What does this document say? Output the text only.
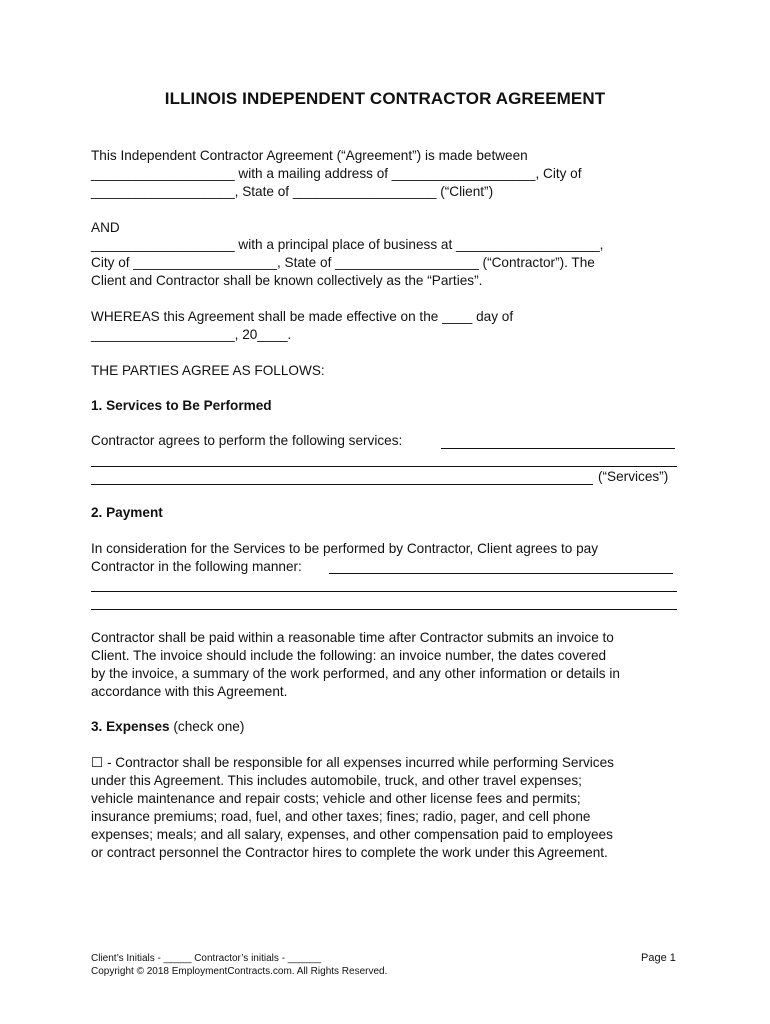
ILLINOIS INDEPENDENT CONTRACTOR AGREEMENT
This Independent Contractor Agreement (“Agreement”) is made between
___________________ with a mailing address of ___________________, City of
___________________, State of ___________________ (“Client”)
AND
___________________ with a principal place of business at ___________________,
City of ___________________, State of ___________________ (“Contractor”). The
Client and Contractor shall be known collectively as the “Parties”.
WHEREAS this Agreement shall be made effective on the ____ day of
___________________, 20____.
THE PARTIES AGREE AS FOLLOWS:
1. Services to Be Performed
Contractor agrees to perform the following services:
(“Services”)
2. Payment
In consideration for the Services to be performed by Contractor, Client agrees to pay
Contractor in the following manner:
Contractor shall be paid within a reasonable time after Contractor submits an invoice to
Client. The invoice should include the following: an invoice number, the dates covered
by the invoice, a summary of the work performed, and any other information or details in
accordance with this Agreement.
3. Expenses (check one)
☐ - Contractor shall be responsible for all expenses incurred while performing Services
under this Agreement. This includes automobile, truck, and other travel expenses;
vehicle maintenance and repair costs; vehicle and other license fees and permits;
insurance premiums; road, fuel, and other taxes; fines; radio, pager, and cell phone
expenses; meals; and all salary, expenses, and other compensation paid to employees
or contract personnel the Contractor hires to complete the work under this Agreement.
Client’s Initials - _____ Contractor’s initials - ______
Copyright © 2018 EmploymentContracts.com. All Rights Reserved.
Page 1
